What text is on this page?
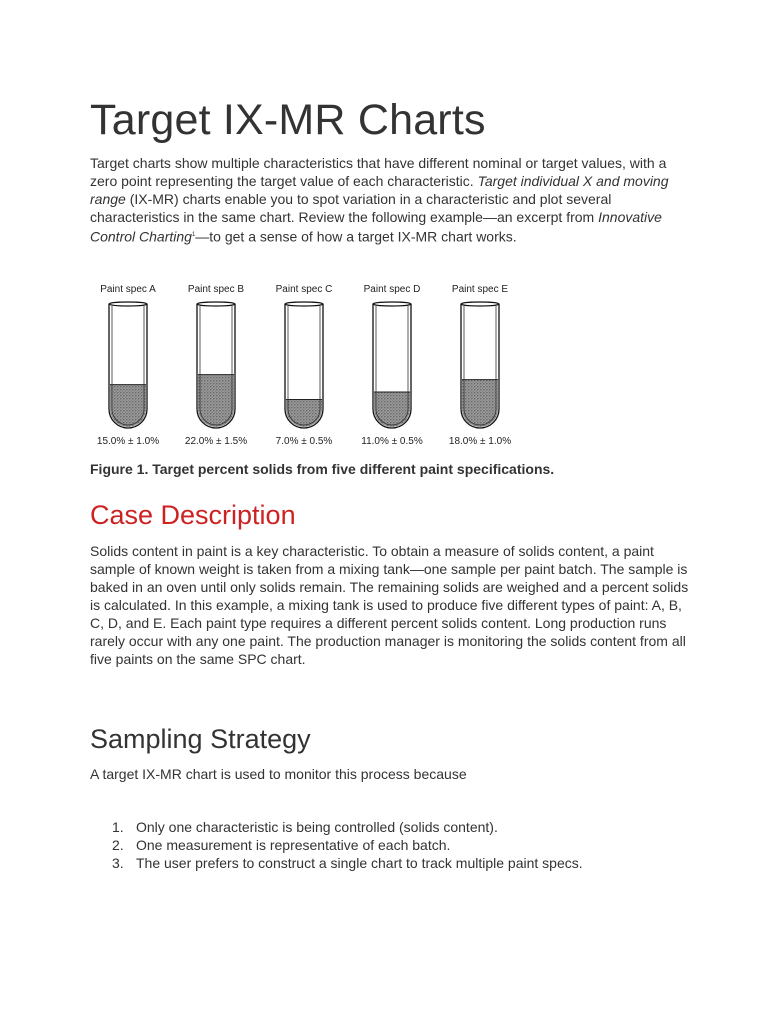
Target IX-MR Charts

Target charts show multiple characteristics that have different nominal or target values, with a zero point representing the target value of each characteristic. Target individual X and moving range (IX-MR) charts enable you to spot variation in a characteristic and plot several characteristics in the same chart. Review the following example—an excerpt from Innovative Control Charting$^1$—to get a sense of how a target IX-MR chart works.

Paint spec A
15.0% ± 1.0%
Paint spec B
22.0% ± 1.5%
Paint spec C
7.0% ± 0.5%
Paint spec D
11.0% ± 0.5%
Paint spec E
18.0% ± 1.0%

Figure 1. Target percent solids from five different paint specifications.

Case Description

Solids content in paint is a key characteristic. To obtain a measure of solids content, a paint sample of known weight is taken from a mixing tank—one sample per paint batch. The sample is baked in an oven until only solids remain. The remaining solids are weighed and a percent solids is calculated. In this example, a mixing tank is used to produce five different types of paint: A, B, C, D, and E. Each paint type requires a different percent solids content. Long production runs rarely occur with any one paint. The production manager is monitoring the solids content from all five paints on the same SPC chart.

Sampling Strategy

A target IX-MR chart is used to monitor this process because

1. Only one characteristic is being controlled (solids content).
2. One measurement is representative of each batch.
3. The user prefers to construct a single chart to track multiple paint specs.
